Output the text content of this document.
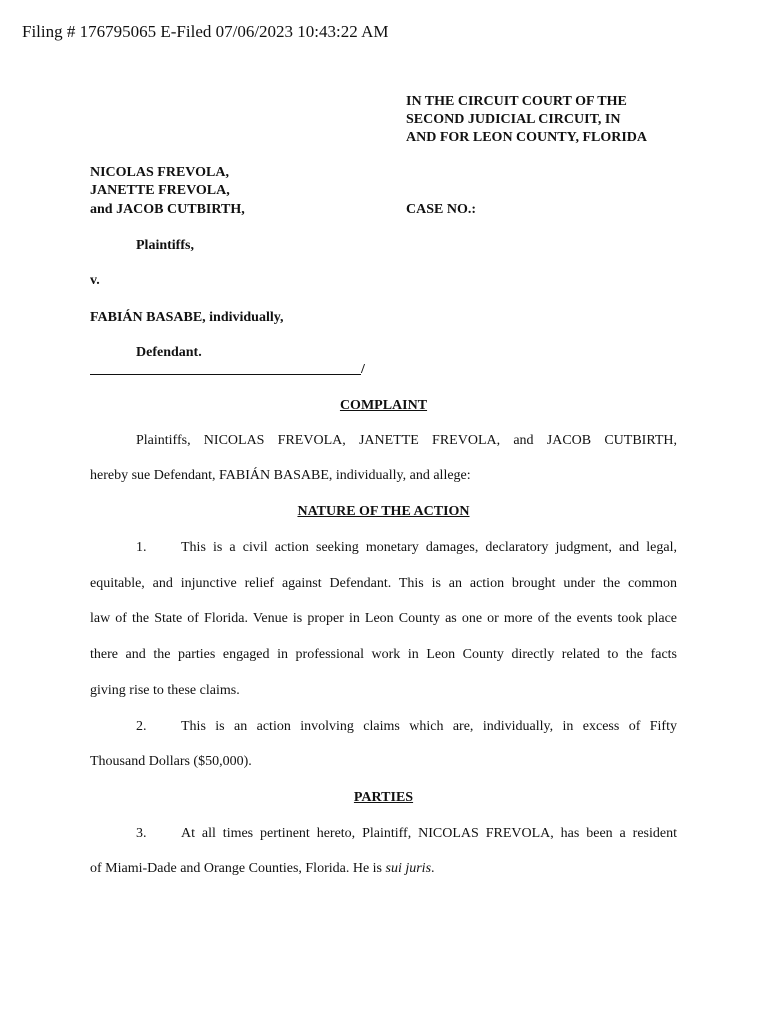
Filing # 176795065 E-Filed 07/06/2023 10:43:22 AM
IN THE CIRCUIT COURT OF THE
SECOND JUDICIAL CIRCUIT, IN
AND FOR LEON COUNTY, FLORIDA
NICOLAS FREVOLA,
JANETTE FREVOLA,
and JACOB CUTBIRTH,	CASE NO.:
Plaintiffs,
v.
FABIÁN BASABE, individually,
Defendant.
/
COMPLAINT
Plaintiffs, NICOLAS FREVOLA, JANETTE FREVOLA, and JACOB CUTBIRTH,
hereby sue Defendant, FABIÁN BASABE, individually, and allege:
NATURE OF THE ACTION
1. This is a civil action seeking monetary damages, declaratory judgment, and legal,
equitable, and injunctive relief against Defendant. This is an action brought under the common
law of the State of Florida. Venue is proper in Leon County as one or more of the events took place
there and the parties engaged in professional work in Leon County directly related to the facts
giving rise to these claims.
2. This is an action involving claims which are, individually, in excess of Fifty
Thousand Dollars ($50,000).
PARTIES
3. At all times pertinent hereto, Plaintiff, NICOLAS FREVOLA, has been a resident
of Miami-Dade and Orange Counties, Florida. He is sui juris.
